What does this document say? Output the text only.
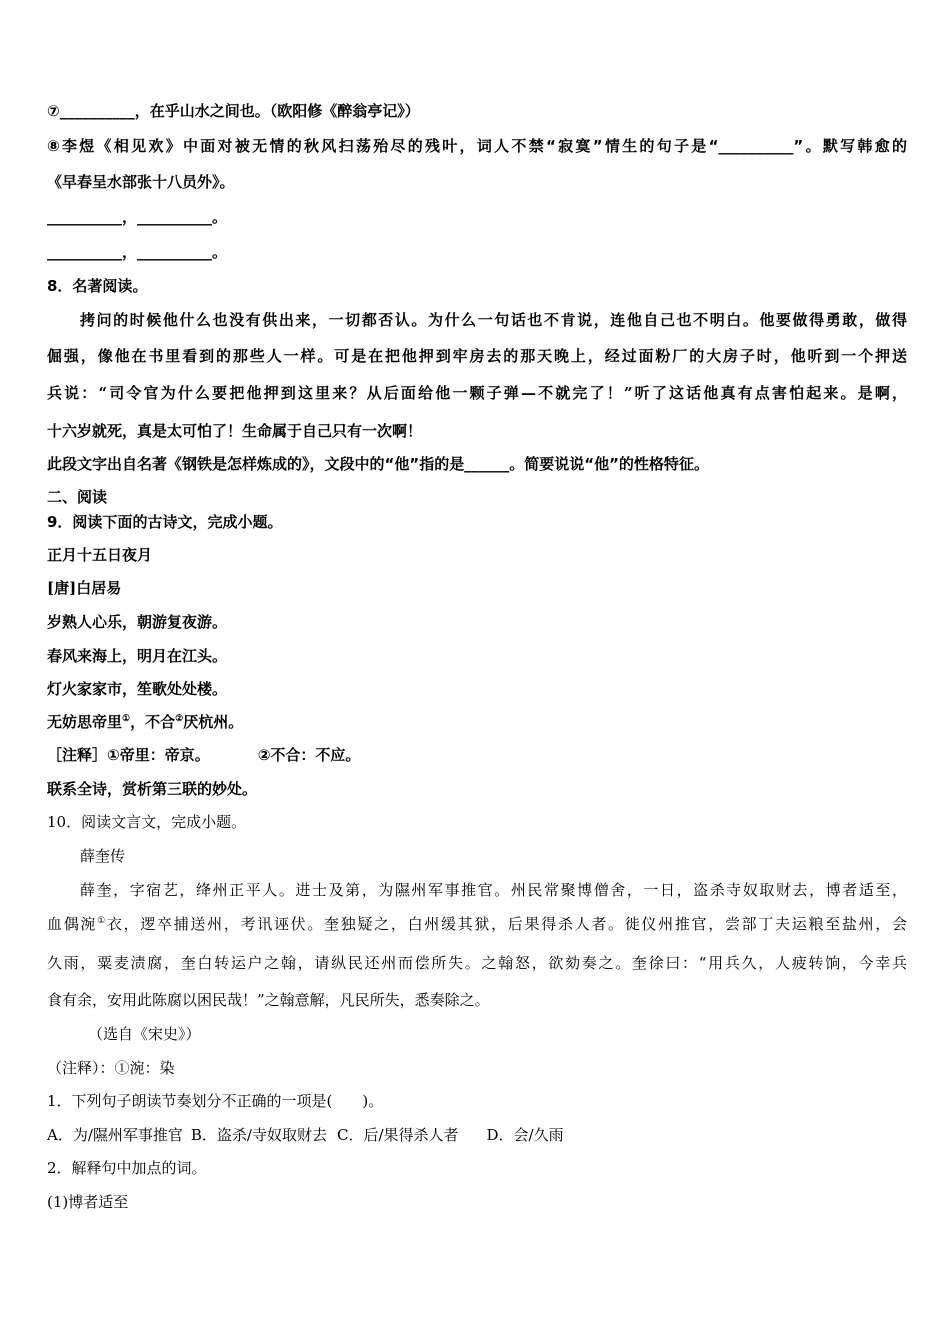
⑦__________，在乎山水之间也。（欧阳修《醉翁亭记》）
⑧李煜《相见欢》中面对被无情的秋风扫荡殆尽的残叶，词人不禁“寂寞”情生的句子是“__________”。默写韩愈的
《早春呈水部张十八员外》。
__________，__________。
__________，__________。
8．名著阅读。
拷问的时候他什么也没有供出来，一切都否认。为什么一句话也不肯说，连他自己也不明白。他要做得勇敢，做得
倔强，像他在书里看到的那些人一样。可是在把他押到牢房去的那天晚上，经过面粉厂的大房子时，他听到一个押送
兵说：“司令官为什么要把他押到这里来？从后面给他一颗子弹—不就完了！”听了这话他真有点害怕起来。是啊，
十六岁就死，真是太可怕了！生命属于自己只有一次啊！
此段文字出自名著《钢铁是怎样炼成的》，文段中的“他”指的是______。简要说说“他”的性格特征。
二、阅读
9．阅读下面的古诗文，完成小题。
正月十五日夜月
[唐]白居易
岁熟人心乐，朝游复夜游。
春风来海上，明月在江头。
灯火家家市，笙歌处处楼。
无妨思帝里①，不合②厌杭州。
［注释］①帝里：帝京。	②不合：不应。
联系全诗，赏析第三联的妙处。
10．阅读文言文，完成小题。
薛奎传
薛奎，字宿艺，绛州正平人。进士及第，为隰州军事推官。州民常聚博僧舍，一日，盗杀寺奴取财去，博者适至，
血偶涴①衣，逻卒捕送州，考讯诬伏。奎独疑之，白州缓其狱，后果得杀人者。徙仪州推官，尝部丁夫运粮至盐州，会
久雨，粟麦渍腐，奎白转运户之翰，请纵民还州而偿所失。之翰怒，欲劾奏之。奎徐曰：“用兵久，人疲转饷，今幸兵
食有余，安用此陈腐以困民哉！”之翰意解，凡民所失，悉奏除之。
（选自《宋史》）
（注释）：①涴：染
1．下列句子朗读节奏划分不正确的一项是(　　)。
A．为/隰州军事推官 B．盗杀/寺奴取财去 C．后/果得杀人者 D．会/久雨
2．解释句中加点的词。
(1)博者适至
